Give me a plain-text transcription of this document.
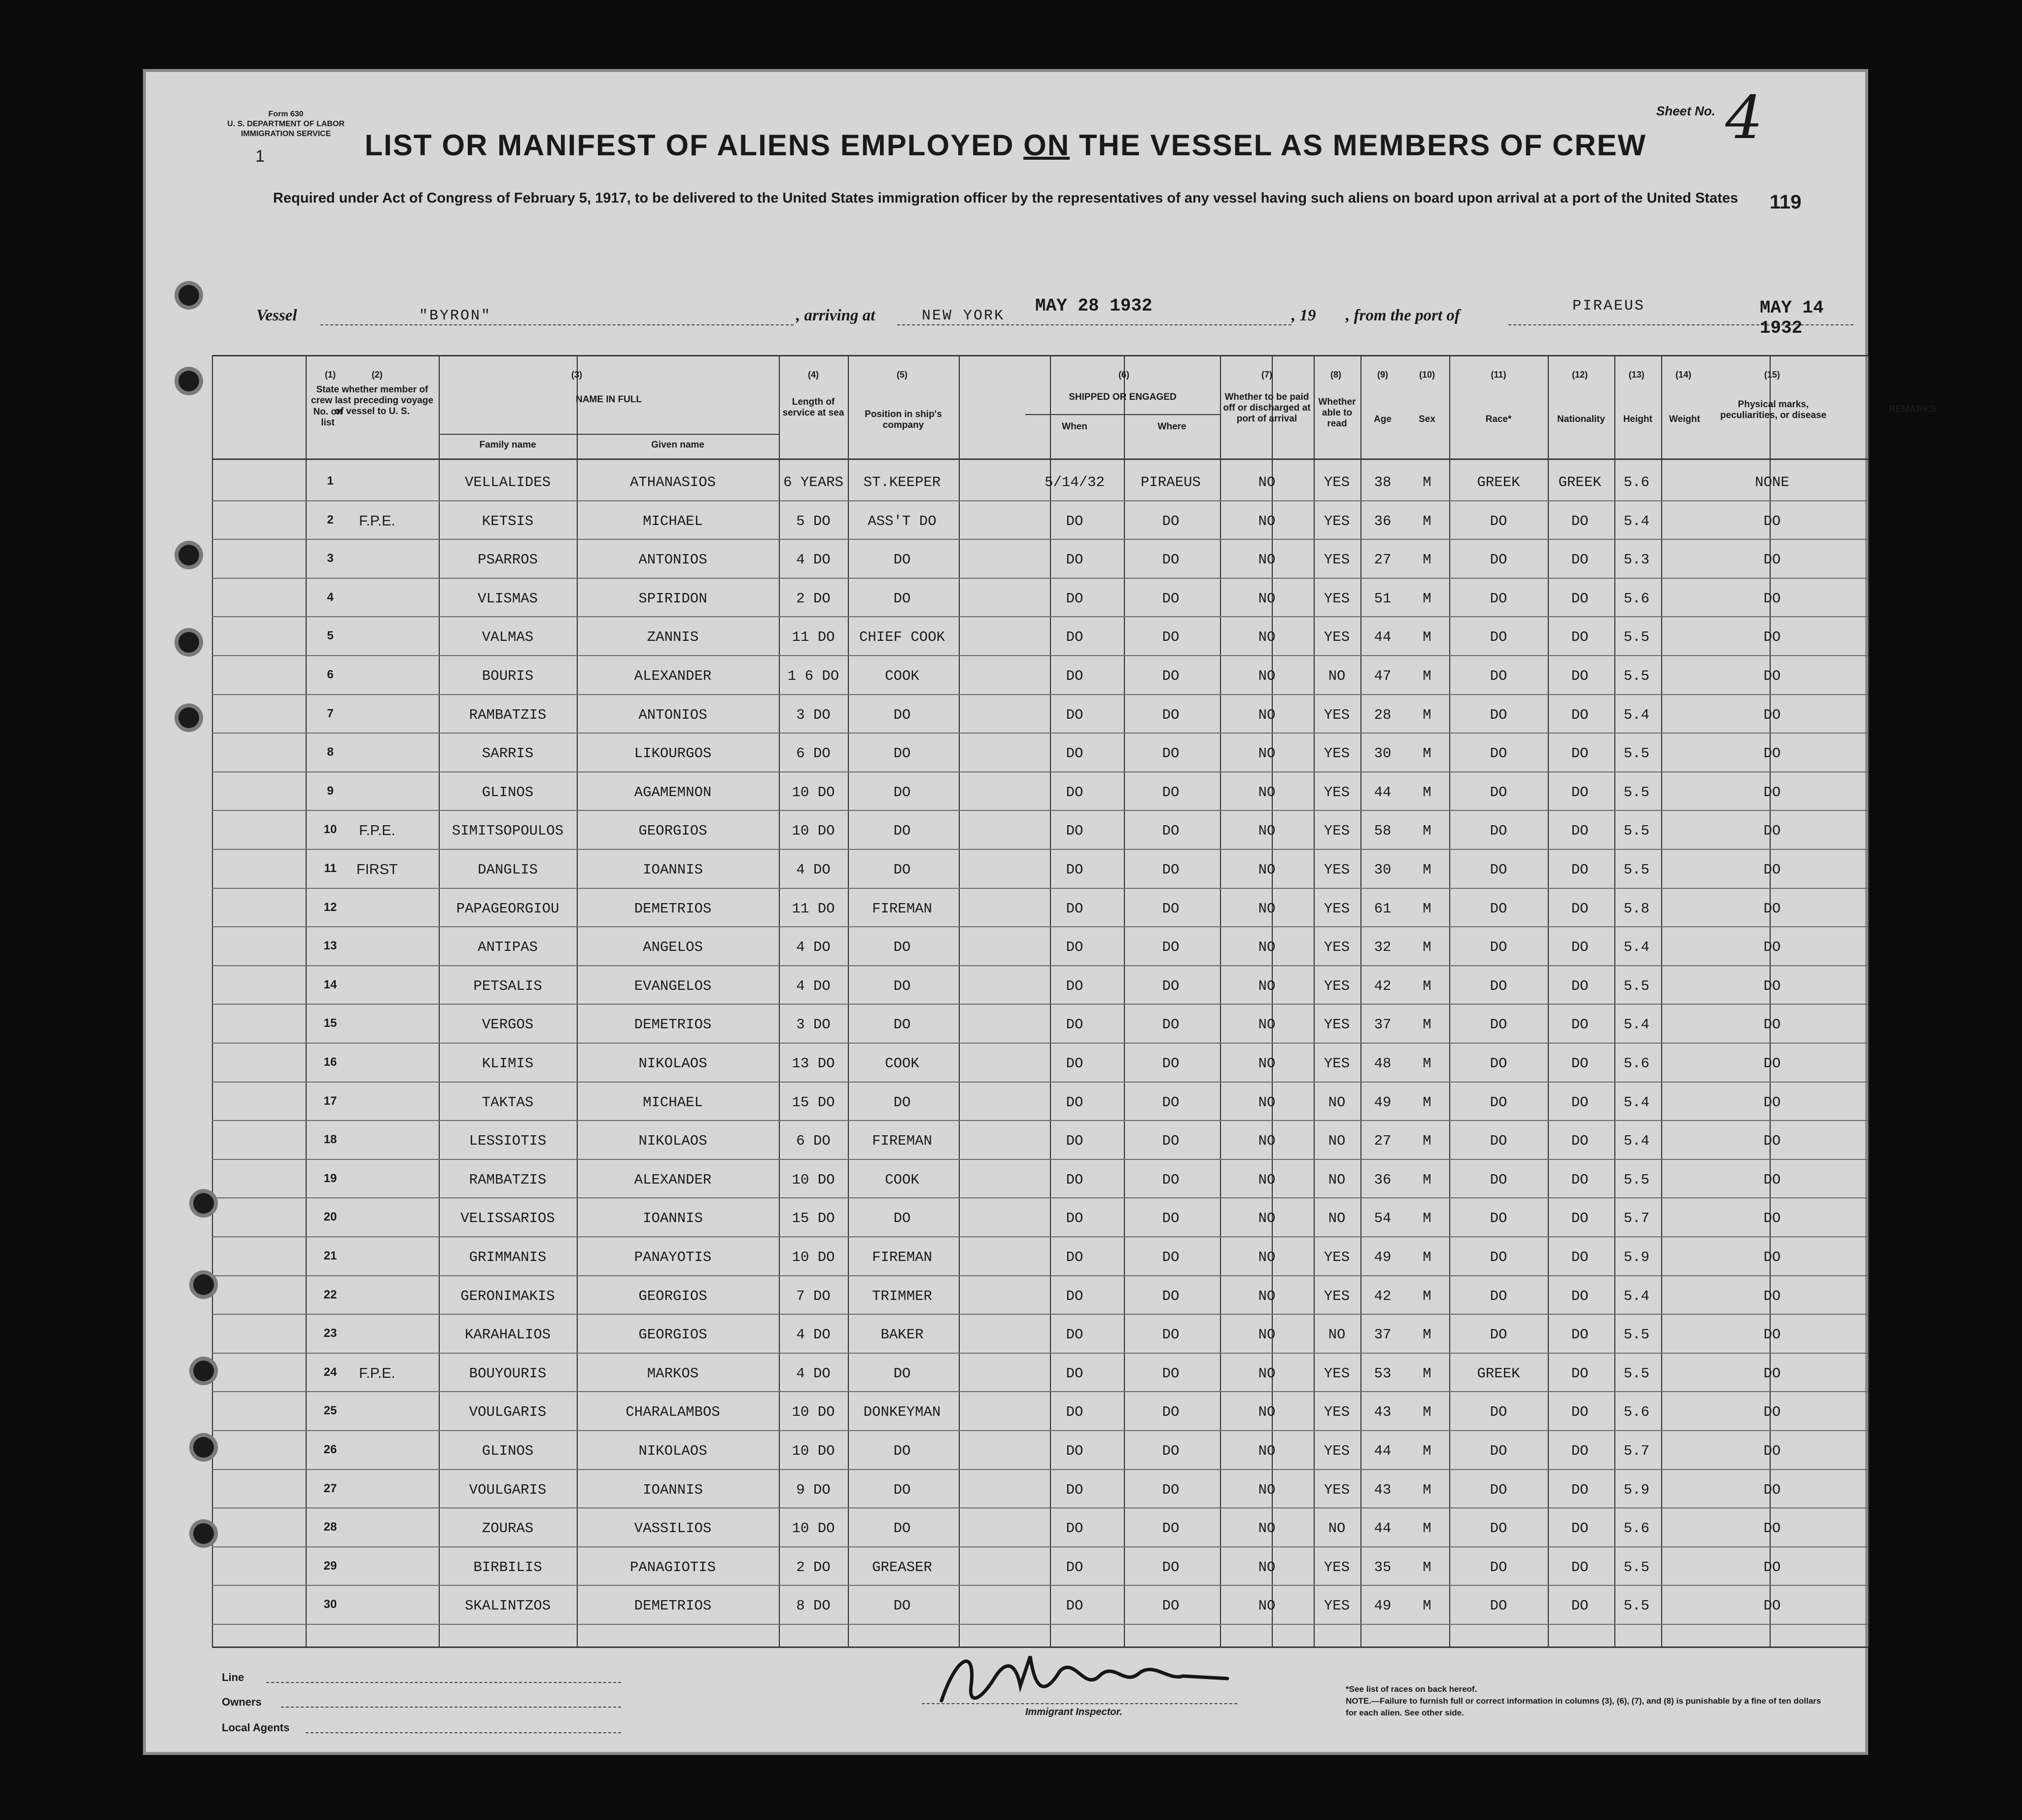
Form 630
U. S. DEPARTMENT OF LABOR
IMMIGRATION SERVICE
1	LIST OR MANIFEST OF ALIENS EMPLOYED ON THE VESSEL AS MEMBERS OF CREW
Required under Act of Congress of February 5, 1917, to be delivered to the United States immigration officer by the representatives of any vessel having such aliens on board upon arrival at a port of the United States
Sheet No. 4
119
Vessel	"BYRON"	, arriving at	NEW YORK MAY 28 1932	, 19 , from the port of
PIRAEUS	MAY 14 1932
State whether member of crew last preceding voyage of vessel to U. S.
NAME IN FULL
Family name	Given name
Length of service at sea	Position in ship's company
SHIPPED OR ENGAGED
When	Where
Whether to be paid off or discharged at port of arrival
Whether able to read	Age	Sex	Race*	Nationality	Height	Weight
Physical marks, peculiarities, or disease
REMARKS
No. on list
(1)	(2)	(3)	(4)	(5)	(6)	(7)	(8)	(9)	(10)	(11)	(12)	(13)	(14)	(15)
1	VELLALIDES	ATHANASIOS	6 YEARS	ST.KEEPER	5/14/32	PIRAEUS	NO	YES	38	M	GREEK	GREEK	5.6	NONE
2	F.P.E.	KETSIS	MICHAEL	5 DO	ASS'T DO	DO	DO	NO	YES	36	M	DO	DO	5.4	DO
3	PSARROS	ANTONIOS	4 DO	DO	DO	DO	NO	YES	27	M	DO	DO	5.3	DO
4	VLISMAS	SPIRIDON	2 DO	DO	DO	DO	NO	YES	51	M	DO	DO	5.6	DO
5	VALMAS	ZANNIS	11 DO	CHIEF COOK	DO	DO	NO	YES	44	M	DO	DO	5.5	DO
6	BOURIS	ALEXANDER	1 6 DO	COOK	DO	DO	NO	NO	47	M	DO	DO	5.5	DO
7	RAMBATZIS	ANTONIOS	3 DO	DO	DO	DO	NO	YES	28	M	DO	DO	5.4	DO
8	SARRIS	LIKOURGOS	6 DO	DO	DO	DO	NO	YES	30	M	DO	DO	5.5	DO
9	GLINOS	AGAMEMNON	10 DO	DO	DO	DO	NO	YES	44	M	DO	DO	5.5	DO
10	F.P.E.	SIMITSOPOULOS	GEORGIOS	10 DO	DO	DO	DO	NO	YES	58	M	DO	DO	5.5	DO
11	FIRST	DANGLIS	IOANNIS	4 DO	DO	DO	DO	NO	YES	30	M	DO	DO	5.5	DO
12	PAPAGEORGIOU	DEMETRIOS	11 DO	FIREMAN	DO	DO	NO	YES	61	M	DO	DO	5.8	DO
13	ANTIPAS	ANGELOS	4 DO	DO	DO	DO	NO	YES	32	M	DO	DO	5.4	DO
14	PETSALIS	EVANGELOS	4 DO	DO	DO	DO	NO	YES	42	M	DO	DO	5.5	DO
15	VERGOS	DEMETRIOS	3 DO	DO	DO	DO	NO	YES	37	M	DO	DO	5.4	DO
16	KLIMIS	NIKOLAOS	13 DO	COOK	DO	DO	NO	YES	48	M	DO	DO	5.6	DO
17	TAKTAS	MICHAEL	15 DO	DO	DO	DO	NO	NO	49	M	DO	DO	5.4	DO
18	LESSIOTIS	NIKOLAOS	6 DO	FIREMAN	DO	DO	NO	NO	27	M	DO	DO	5.4	DO
19	RAMBATZIS	ALEXANDER	10 DO	COOK	DO	DO	NO	NO	36	M	DO	DO	5.5	DO
20	VELISSARIOS	IOANNIS	15 DO	DO	DO	DO	NO	NO	54	M	DO	DO	5.7	DO
21	GRIMMANIS	PANAYOTIS	10 DO	FIREMAN	DO	DO	NO	YES	49	M	DO	DO	5.9	DO
22	GERONIMAKIS	GEORGIOS	7 DO	TRIMMER	DO	DO	NO	YES	42	M	DO	DO	5.4	DO
23	KARAHALIOS	GEORGIOS	4 DO	BAKER	DO	DO	NO	NO	37	M	DO	DO	5.5	DO
24	F.P.E.	BOUYOURIS	MARKOS	4 DO	DO	DO	DO	NO	YES	53	M	GREEK	DO	5.5	DO
25	VOULGARIS	CHARALAMBOS	10 DO	DONKEYMAN	DO	DO	NO	YES	43	M	DO	DO	5.6	DO
26	GLINOS	NIKOLAOS	10 DO	DO	DO	DO	NO	YES	44	M	DO	DO	5.7	DO
27	VOULGARIS	IOANNIS	9 DO	DO	DO	DO	NO	YES	43	M	DO	DO	5.9	DO
28	ZOURAS	VASSILIOS	10 DO	DO	DO	DO	NO	NO	44	M	DO	DO	5.6	DO
29	BIRBILIS	PANAGIOTIS	2 DO	GREASER	DO	DO	NO	YES	35	M	DO	DO	5.5	DO
30	SKALINTZOS	DEMETRIOS	8 DO	DO	DO	DO	NO	YES	49	M	DO	DO	5.5	DO
Line
Owners
Local Agents
Immigrant Inspector.
*See list of races on back hereof.
NOTE.—Failure to furnish full or correct information in columns (3), (6), (7), and (8) is punishable by a fine of ten dollars for each alien. See other side.
